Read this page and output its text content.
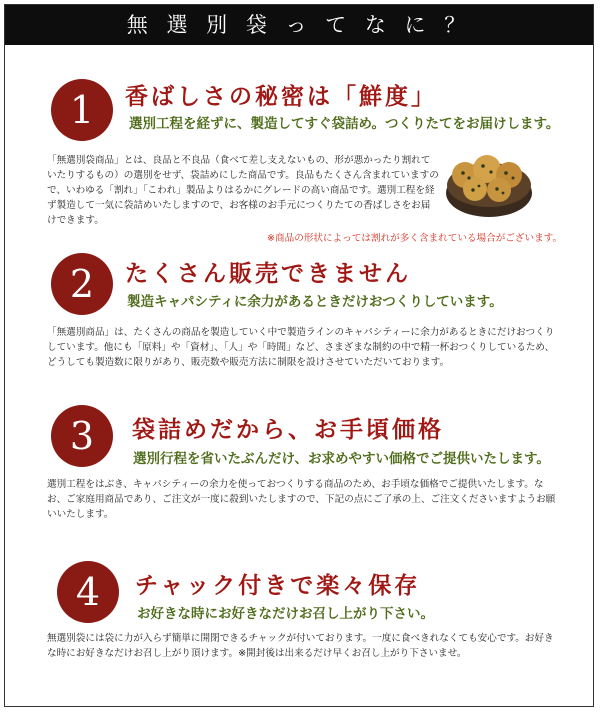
無 選 別 袋 っ て な に ？
1	香ばしさの秘密は「鮮度」
選別工程を経ずに、製造してすぐ袋詰め。つくりたてをお届けします。
「無選別袋商品」とは、良品と不良品（食べて差し支えないもの、形が悪かったり割れていたりするもの）の選別をせず、袋詰めにした商品です。良品もたくさん含まれていますので、いわゆる「割れ」「こわれ」製品よりはるかにグレードの高い商品です。選別工程を経ず製造して一気に袋詰めいたしますので、お客様のお手元につくりたての香ばしさをお届けできます。
※商品の形状によっては割れが多く含まれている場合がございます。
2	たくさん販売できません
製造キャパシティに余力があるときだけおつくりしています。
「無選別商品」は、たくさんの商品を製造していく中で製造ラインのキャパシティーに余力があるときにだけおつくりしています。他にも「原料」や「資材」、「人」や「時間」など、さまざまな制約の中で精一杯おつくりしているため、どうしても製造数に限りがあり、販売数や販売方法に制限を設けさせていただいております。
3	袋詰めだから、お手頃価格
選別行程を省いたぶんだけ、お求めやすい価格でご提供いたします。
選別工程をはぶき、キャパシティーの余力を使っておつくりする商品のため、お手頃な価格でご提供いたします。なお、ご家庭用商品であり、ご注文が一度に殺到いたしますので、下記の点にご了承の上、ご注文くださいますようお願いいたします。
4	チャック付きで楽々保存
お好きな時にお好きなだけお召し上がり下さい。
無選別袋には袋に力が入らず簡単に開閉できるチャックが付いております。一度に食べきれなくても安心です。お好きな時にお好きなだけお召し上がり頂けます。※開封後は出来るだけ早くお召し上がり下さいませ。
